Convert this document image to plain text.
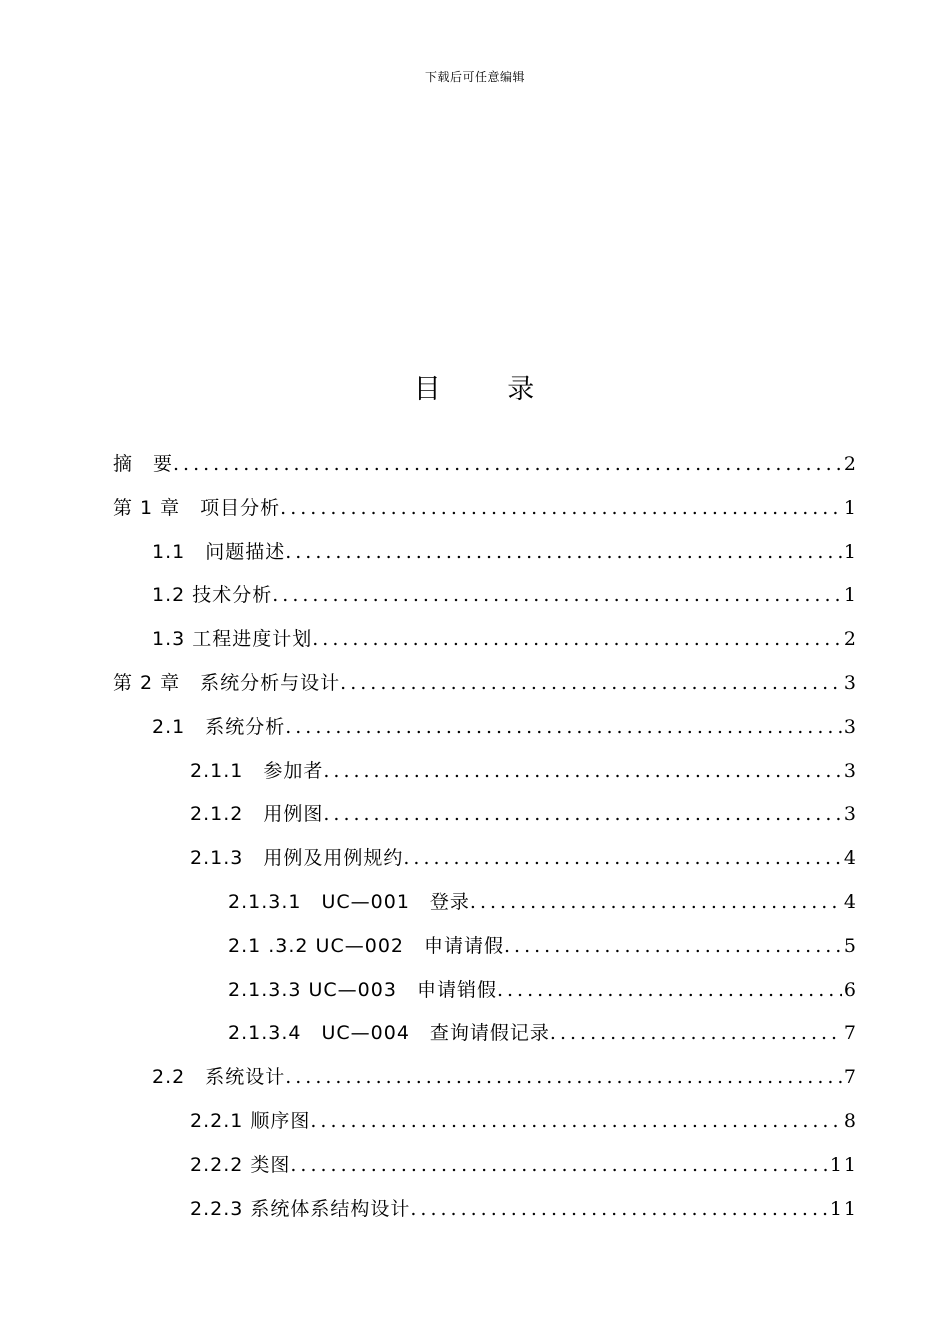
下载后可任意编辑
目 录
摘　要 .....	2
第 1 章　项目分析 .....	1
1.1　问题描述 .....	1
1.2 技术分析 .....	1
1.3 工程进度计划 .....	2
第 2 章　系统分析与设计 .....	3
2.1　系统分析 .....	3
2.1.1　参加者 .....	3
2.1.2　用例图 .....	3
2.1.3　用例及用例规约 .....	4
2.1.3.1　UC—001　登录 .....	4
2.1 .3.2 UC—002　申请请假 .....	5
2.1.3.3 UC—003　申请销假 .....	6
2.1.3.4　UC—004　查询请假记录 .....	7
2.2　系统设计 .....	7
2.2.1 顺序图 .....	8
2.2.2 类图 .....	11
2.2.3 系统体系结构设计 .....	11
